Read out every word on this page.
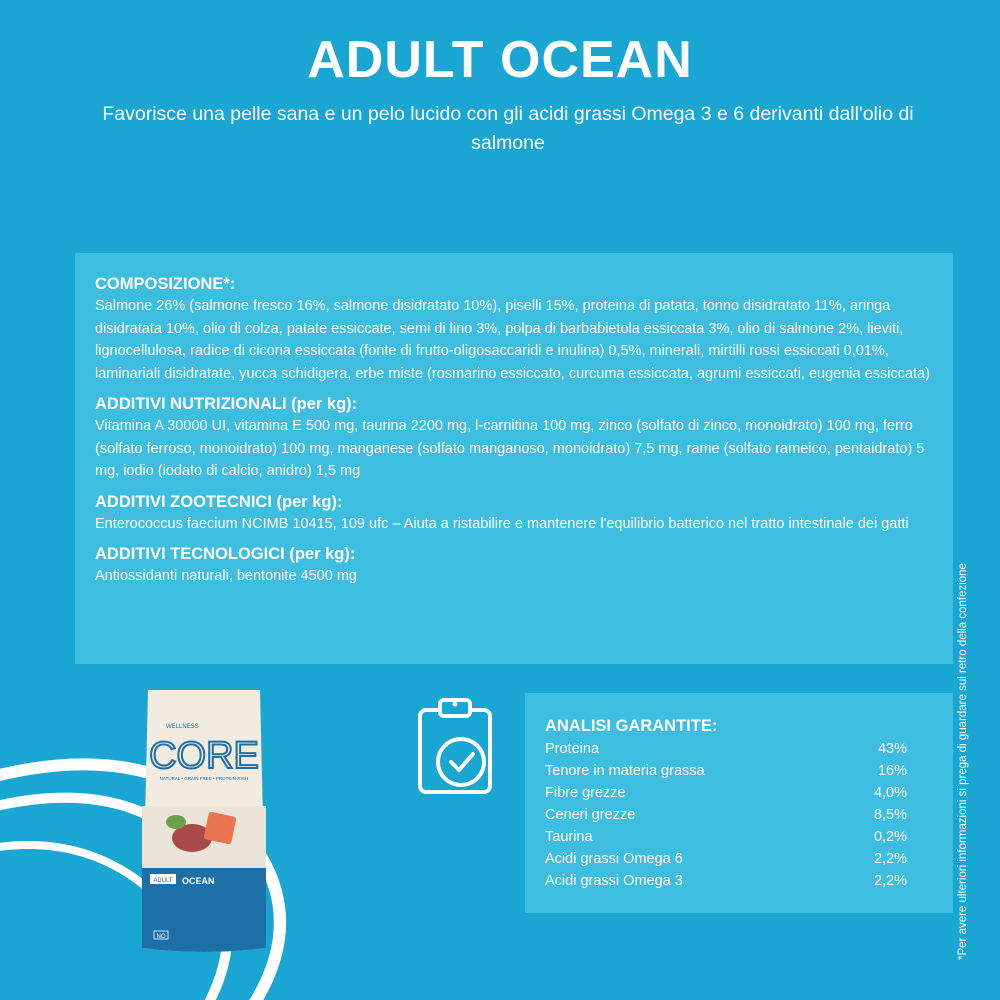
ADULT OCEAN
Favorisce una pelle sana e un pelo lucido con gli acidi grassi Omega 3 e 6 derivanti dall'olio di salmone
COMPOSIZIONE*:
Salmone 26% (salmone fresco 16%, salmone disidratato 10%), piselli 15%, proteina di patata, tonno disidratato 11%, aringa disidratata 10%, olio di colza, patate essiccate, semi di lino 3%, polpa di barbabietola essiccata 3%, olio di salmone 2%, lieviti, lignocellulosa, radice di cicoria essiccata (fonte di frutto-oligosaccaridi e inulina) 0,5%, minerali, mirtilli rossi essiccati 0,01%, laminariali disidratate, yucca schidigera, erbe miste (rosmarino essiccato, curcuma essiccata, agrumi essiccati, eugenia essiccata)
ADDITIVI NUTRIZIONALI (per kg):
Vitamina A 30000 UI, vitamina E 500 mg, taurina 2200 mg, l-carnitina 100 mg, zinco (solfato di zinco, monoidrato) 100 mg, ferro (solfato ferroso, monoidrato) 100 mg, manganese (solfato manganoso, monoidrato) 7,5 mg, rame (solfato rameico, pentaidrato) 5 mg, iodio (iodato di calcio, anidro) 1,5 mg
ADDITIVI ZOOTECNICI (per kg):
Enterococcus faecium NCIMB 10415, 109 ufc – Aiuta a ristabilire e mantenere l'equilibrio batterico nel tratto intestinale dei gatti
ADDITIVI TECNOLOGICI (per kg):
Antiossidanti naturali, bentonite 4500 mg
ADULT OCEAN
WELLNESS
CORE
NATURAL • GRAIN FREE • PROTEIN-RICH
NO
ANALISI GARANTITE:
Proteina	43%
Tenore in materia grassa	16%
Fibre grezze	4,0%
Ceneri grezze	8,5%
Taurina	0,2%
Acidi grassi Omega 6	2,2%
Acidi grassi Omega 3	2,2%	*Per avere ulteriori informazioni si prega di guardare sul retro della confezione
